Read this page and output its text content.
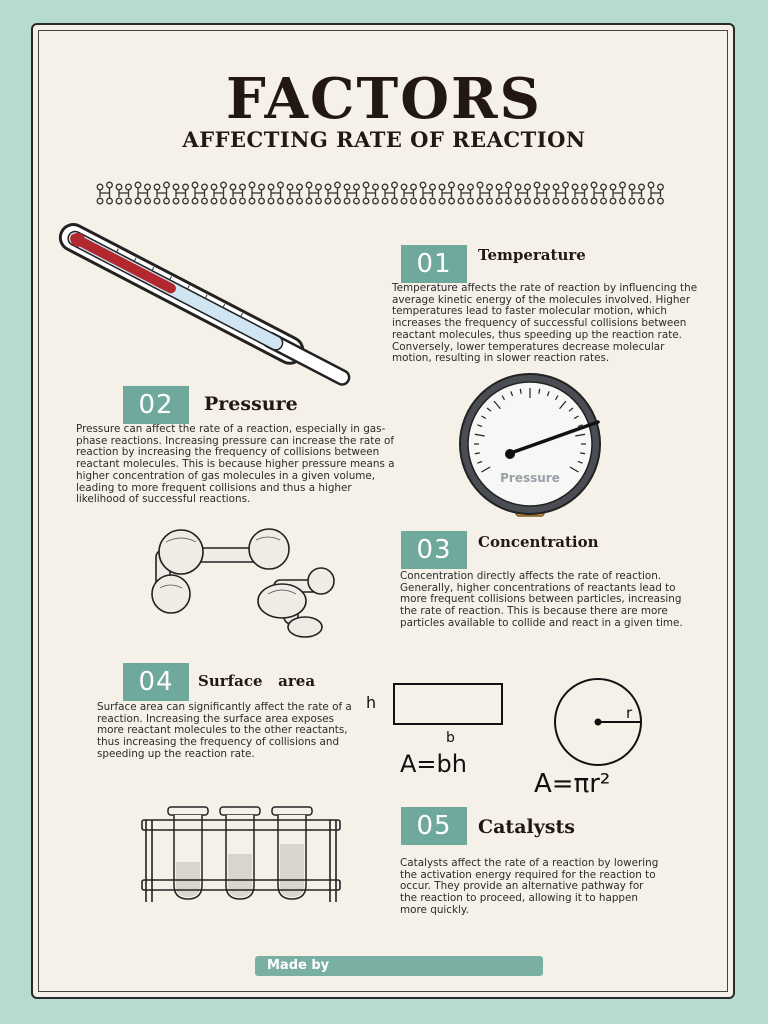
FACTORS
AFFECTING RATE OF REACTION
01	Temperature
Temperature affects the rate of reaction by influencing the average kinetic energy of the molecules involved. Higher temperatures lead to faster molecular motion, which increases the frequency of successful collisions between reactant molecules, thus speeding up the reaction rate. Conversely, lower temperatures decrease molecular motion, resulting in slower reaction rates.
02	Pressure
Pressure can affect the rate of a reaction, especially in gas-phase reactions. Increasing pressure can increase the rate of reaction by increasing the frequency of collisions between reactant molecules. This is because higher pressure means a higher concentration of gas molecules in a given volume, leading to more frequent collisions and thus a higher likelihood of successful reactions.
Pressure
03	Concentration
Concentration directly affects the rate of reaction. Generally, higher concentrations of reactants lead to more frequent collisions between particles, increasing the rate of reaction. This is because there are more particles available to collide and react in a given time.
04	Surface   area
Surface area can significantly affect the rate of a reaction. Increasing the surface area exposes more reactant molecules to the other reactants, thus increasing the frequency of collisions and speeding up the reaction rate.
h
b
A=bh
r
A=πr²
05	Catalysts
Catalysts affect the rate of a reaction by lowering the activation energy required for the reaction to occur. They provide an alternative pathway for the reaction to proceed, allowing it to happen more quickly.
Made by
